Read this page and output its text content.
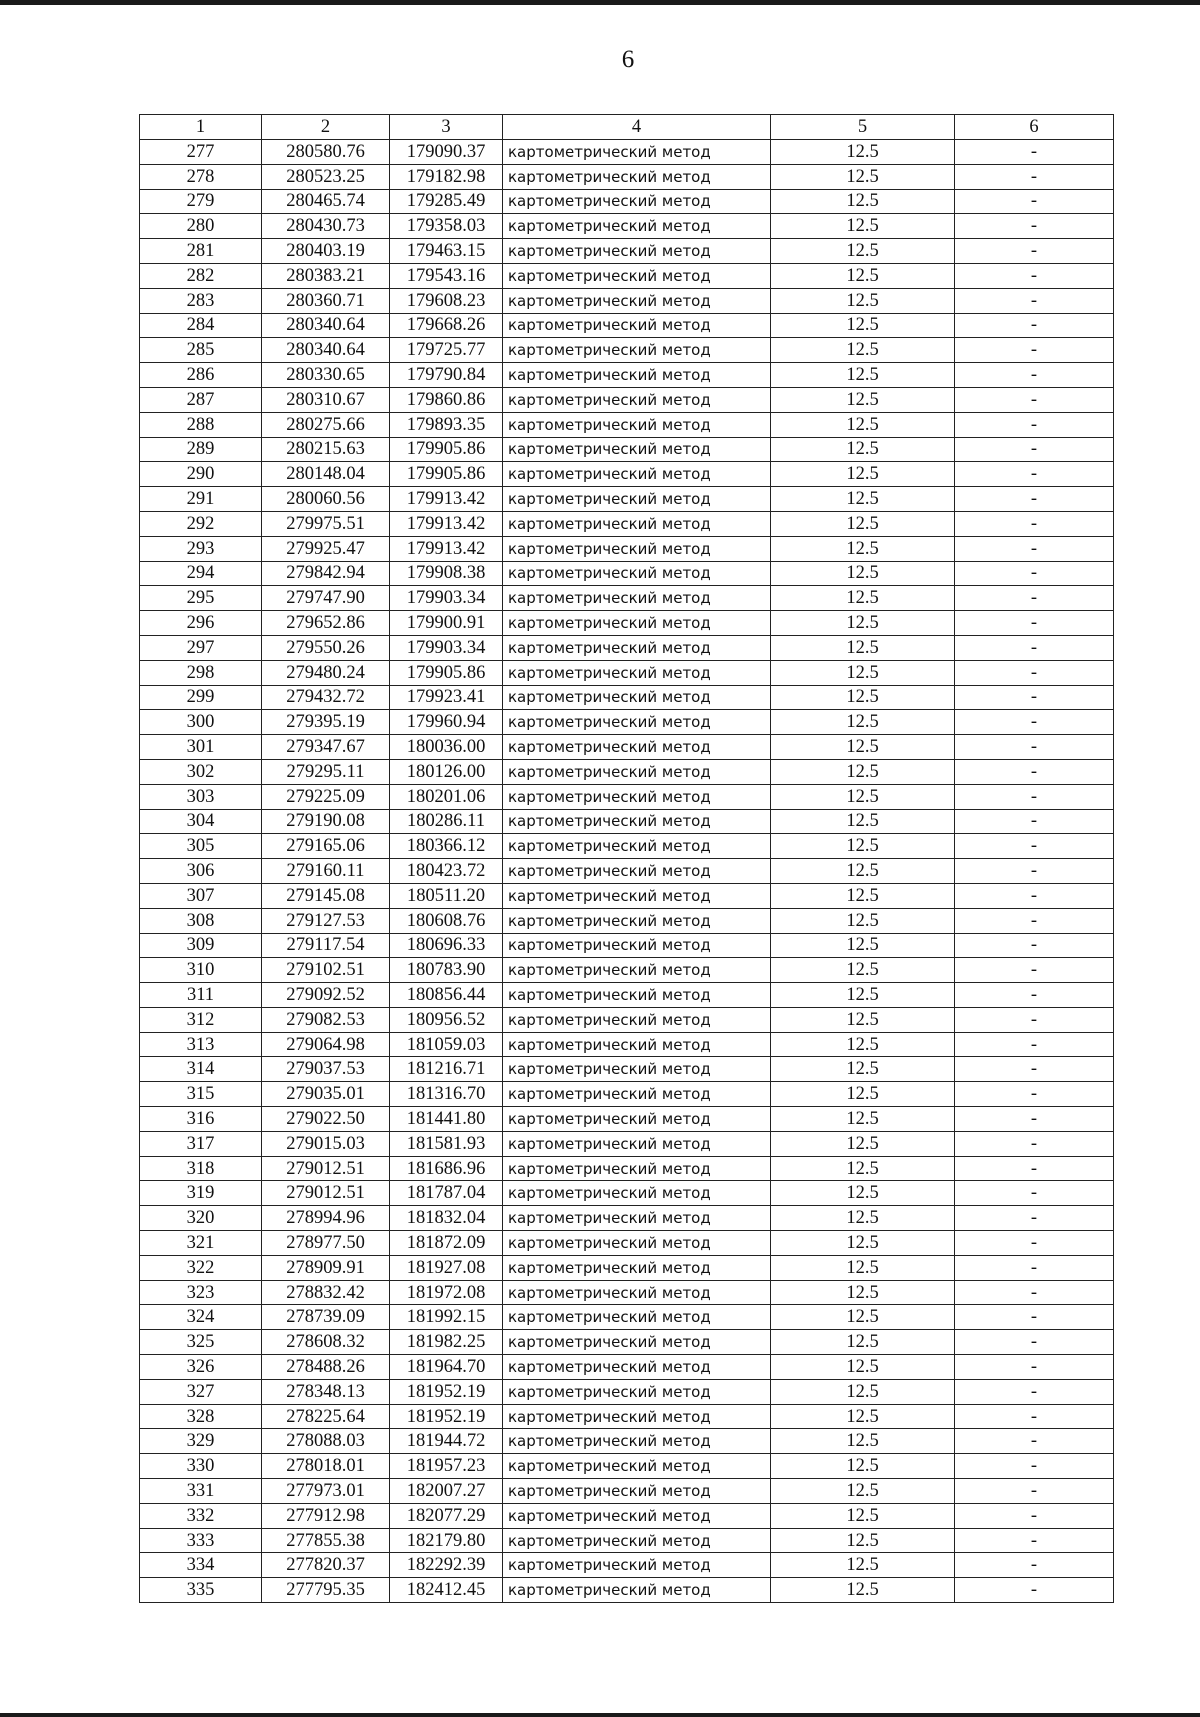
6
1	2	3	4	5	6
277	280580.76	179090.37	картометрический метод	12.5	-
278	280523.25	179182.98	картометрический метод	12.5	-
279	280465.74	179285.49	картометрический метод	12.5	-
280	280430.73	179358.03	картометрический метод	12.5	-
281	280403.19	179463.15	картометрический метод	12.5	-
282	280383.21	179543.16	картометрический метод	12.5	-
283	280360.71	179608.23	картометрический метод	12.5	-
284	280340.64	179668.26	картометрический метод	12.5	-
285	280340.64	179725.77	картометрический метод	12.5	-
286	280330.65	179790.84	картометрический метод	12.5	-
287	280310.67	179860.86	картометрический метод	12.5	-
288	280275.66	179893.35	картометрический метод	12.5	-
289	280215.63	179905.86	картометрический метод	12.5	-
290	280148.04	179905.86	картометрический метод	12.5	-
291	280060.56	179913.42	картометрический метод	12.5	-
292	279975.51	179913.42	картометрический метод	12.5	-
293	279925.47	179913.42	картометрический метод	12.5	-
294	279842.94	179908.38	картометрический метод	12.5	-
295	279747.90	179903.34	картометрический метод	12.5	-
296	279652.86	179900.91	картометрический метод	12.5	-
297	279550.26	179903.34	картометрический метод	12.5	-
298	279480.24	179905.86	картометрический метод	12.5	-
299	279432.72	179923.41	картометрический метод	12.5	-
300	279395.19	179960.94	картометрический метод	12.5	-
301	279347.67	180036.00	картометрический метод	12.5	-
302	279295.11	180126.00	картометрический метод	12.5	-
303	279225.09	180201.06	картометрический метод	12.5	-
304	279190.08	180286.11	картометрический метод	12.5	-
305	279165.06	180366.12	картометрический метод	12.5	-
306	279160.11	180423.72	картометрический метод	12.5	-
307	279145.08	180511.20	картометрический метод	12.5	-
308	279127.53	180608.76	картометрический метод	12.5	-
309	279117.54	180696.33	картометрический метод	12.5	-
310	279102.51	180783.90	картометрический метод	12.5	-
311	279092.52	180856.44	картометрический метод	12.5	-
312	279082.53	180956.52	картометрический метод	12.5	-
313	279064.98	181059.03	картометрический метод	12.5	-
314	279037.53	181216.71	картометрический метод	12.5	-
315	279035.01	181316.70	картометрический метод	12.5	-
316	279022.50	181441.80	картометрический метод	12.5	-
317	279015.03	181581.93	картометрический метод	12.5	-
318	279012.51	181686.96	картометрический метод	12.5	-
319	279012.51	181787.04	картометрический метод	12.5	-
320	278994.96	181832.04	картометрический метод	12.5	-
321	278977.50	181872.09	картометрический метод	12.5	-
322	278909.91	181927.08	картометрический метод	12.5	-
323	278832.42	181972.08	картометрический метод	12.5	-
324	278739.09	181992.15	картометрический метод	12.5	-
325	278608.32	181982.25	картометрический метод	12.5	-
326	278488.26	181964.70	картометрический метод	12.5	-
327	278348.13	181952.19	картометрический метод	12.5	-
328	278225.64	181952.19	картометрический метод	12.5	-
329	278088.03	181944.72	картометрический метод	12.5	-
330	278018.01	181957.23	картометрический метод	12.5	-
331	277973.01	182007.27	картометрический метод	12.5	-
332	277912.98	182077.29	картометрический метод	12.5	-
333	277855.38	182179.80	картометрический метод	12.5	-
334	277820.37	182292.39	картометрический метод	12.5	-
335	277795.35	182412.45	картометрический метод	12.5	-
